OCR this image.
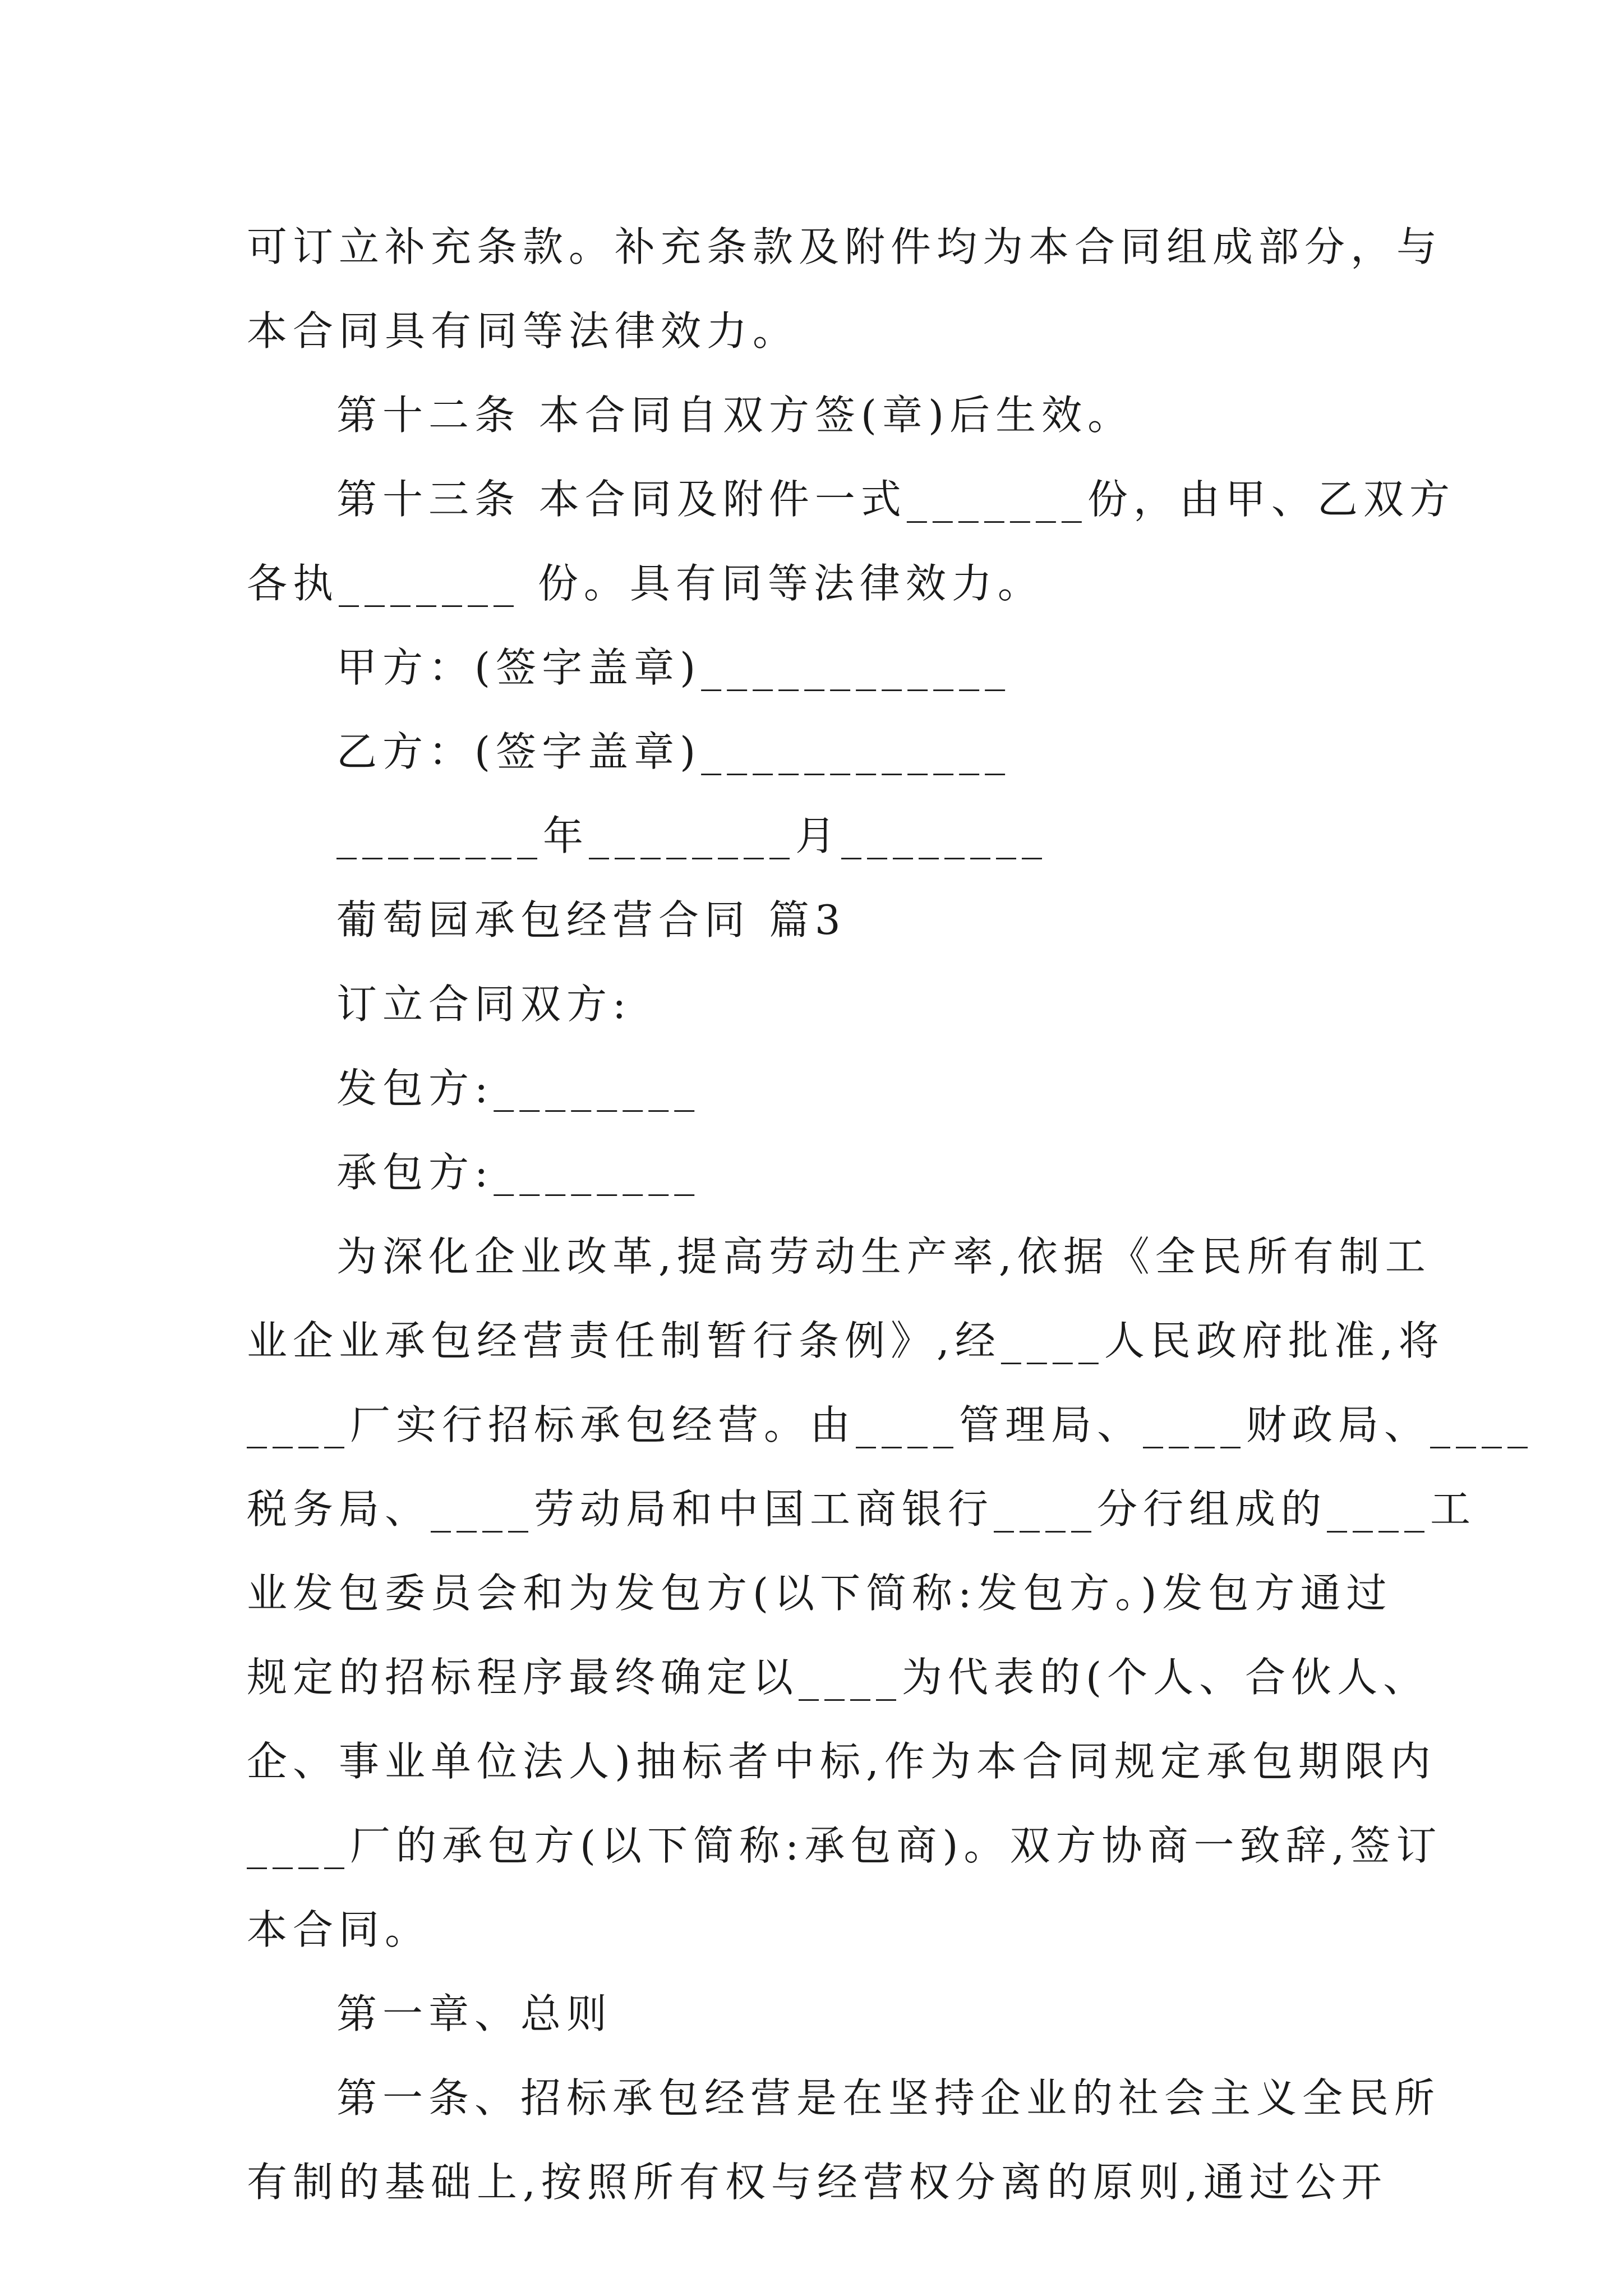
可订立补充条款。补充条款及附件均为本合同组成部分，与
本合同具有同等法律效力。
第十二条 本合同自双方签(章)后生效。
第十三条 本合同及附件一式_______份，由甲、乙双方
各执_______ 份。具有同等法律效力。
甲方：(签字盖章)____________
乙方：(签字盖章)____________
________年________月________
葡萄园承包经营合同 篇3
订立合同双方:
发包方:________
承包方:________
为深化企业改革,提高劳动生产率,依据《全民所有制工
业企业承包经营责任制暂行条例》,经____人民政府批准,将
____厂实行招标承包经营。由____管理局、____财政局、____
税务局、____劳动局和中国工商银行____分行组成的____工
业发包委员会和为发包方(以下简称:发包方。)发包方通过
规定的招标程序最终确定以____为代表的(个人、合伙人、
企、事业单位法人)抽标者中标,作为本合同规定承包期限内
____厂的承包方(以下简称:承包商)。双方协商一致辞,签订
本合同。
第一章、总则
第一条、招标承包经营是在坚持企业的社会主义全民所
有制的基础上,按照所有权与经营权分离的原则,通过公开
